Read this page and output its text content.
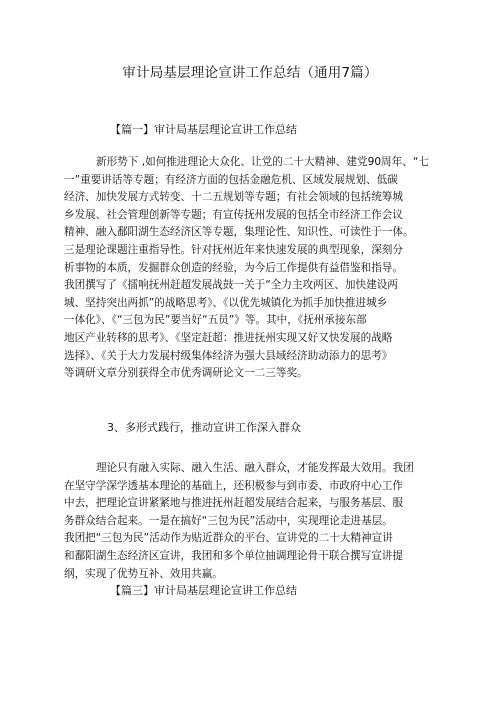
审计局基层理论宣讲工作总结（通用7篇）
【篇一】审计局基层理论宣讲工作总结
新形势下 ,如何推进理论大众化、让党的二十大精神、建党90周年、“七
一”重要讲话等专题；有经济方面的包括金融危机、区域发展规划、低碳
经济、加快发展方式转变、十二五规划等专题；有社会领域的包括统筹城
乡发展、社会管理创新等专题；有宣传抚州发展的包括全市经济工作会议
精神、融入鄱阳湖生态经济区等专题，集理论性、知识性、可读性于一体。
三是理论课题注重指导性。针对抚州近年来快速发展的典型现象，深刻分
析事物的本质，发掘群众创造的经验，为今后工作提供有益借鉴和指导。
我团撰写了《擂响抚州赶超发展战鼓一关于“全力主攻两区、加快建设两
城、坚持突出两抓”的战略思考》、《以优先城镇化为抓手加快推进城乡
一体化》、《“三包为民”要当好“五员”》等。其中，《抚州承接东部
地区产业转移的思考》、《坚定赶超：推进抚州实现又好又快发展的战略
选择》、《关于大力发展村级集体经济为强大县域经济助动添力的思考》
等调研文章分别获得全市优秀调研论文一二三等奖。
3、多形式践行，推动宣讲工作深入群众
理论只有融入实际、融入生活、融入群众，才能发挥最大效用。我团
在坚守学深学透基本理论的基础上，还积极参与到市委、市政府中心工作
中去，把理论宣讲紧紧地与推进抚州赶超发展结合起来，与服务基层、服
务群众结合起来。一是在搞好“三包为民”活动中，实现理论走进基层。
我团把“三包为民”活动作为贴近群众的平台、宣讲党的二十大精神宣讲
和鄱阳湖生态经济区宣讲，我团和多个单位抽调理论骨干联合撰写宣讲提
纲，实现了优势互补、效用共赢。
【篇三】审计局基层理论宣讲工作总结
